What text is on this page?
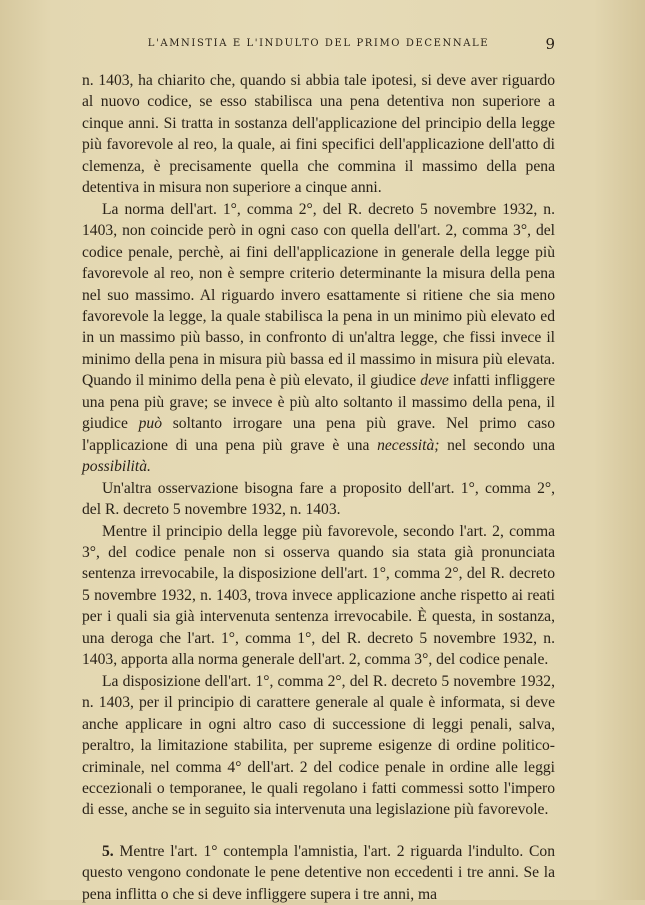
L'AMNISTIA E L'INDULTO DEL PRIMO DECENNALE	9

n. 1403, ha chiarito che, quando si abbia tale ipotesi, si deve aver riguardo al nuovo codice, se esso stabilisca una pena detentiva non superiore a cinque anni. Si tratta in sostanza dell'applicazione del principio della legge più favorevole al reo, la quale, ai fini specifici dell'applicazione dell'atto di clemenza, è precisamente quella che commina il massimo della pena detentiva in misura non superiore a cinque anni.

La norma dell'art. 1°, comma 2°, del R. decreto 5 novembre 1932, n. 1403, non coincide però in ogni caso con quella dell'art. 2, comma 3°, del codice penale, perchè, ai fini dell'applicazione in generale della legge più favorevole al reo, non è sempre criterio determinante la misura della pena nel suo massimo. Al riguardo invero esattamente si ritiene che sia meno favorevole la legge, la quale stabilisca la pena in un minimo più elevato ed in un massimo più basso, in confronto di un'altra legge, che fissi invece il minimo della pena in misura più bassa ed il massimo in misura più elevata. Quando il minimo della pena è più elevato, il giudice deve infatti infliggere una pena più grave; se invece è più alto soltanto il massimo della pena, il giudice può soltanto irrogare una pena più grave. Nel primo caso l'applicazione di una pena più grave è una necessità; nel secondo una possibilità.

Un'altra osservazione bisogna fare a proposito dell'art. 1°, comma 2°, del R. decreto 5 novembre 1932, n. 1403.

Mentre il principio della legge più favorevole, secondo l'art. 2, comma 3°, del codice penale non si osserva quando sia stata già pronunciata sentenza irrevocabile, la disposizione dell'art. 1°, comma 2°, del R. decreto 5 novembre 1932, n. 1403, trova invece applicazione anche rispetto ai reati per i quali sia già intervenuta sentenza irrevocabile. È questa, in sostanza, una deroga che l'art. 1°, comma 1°, del R. decreto 5 novembre 1932, n. 1403, apporta alla norma generale dell'art. 2, comma 3°, del codice penale.

La disposizione dell'art. 1°, comma 2°, del R. decreto 5 novembre 1932, n. 1403, per il principio di carattere generale al quale è informata, si deve anche applicare in ogni altro caso di successione di leggi penali, salva, peraltro, la limitazione stabilita, per supreme esigenze di ordine politico-criminale, nel comma 4° dell'art. 2 del codice penale in ordine alle leggi eccezionali o temporanee, le quali regolano i fatti commessi sotto l'impero di esse, anche se in seguito sia intervenuta una legislazione più favorevole.

5. Mentre l'art. 1° contempla l'amnistia, l'art. 2 riguarda l'indulto. Con questo vengono condonate le pene detentive non eccedenti i tre anni. Se la pena inflitta o che si deve infliggere supera i tre anni, ma
